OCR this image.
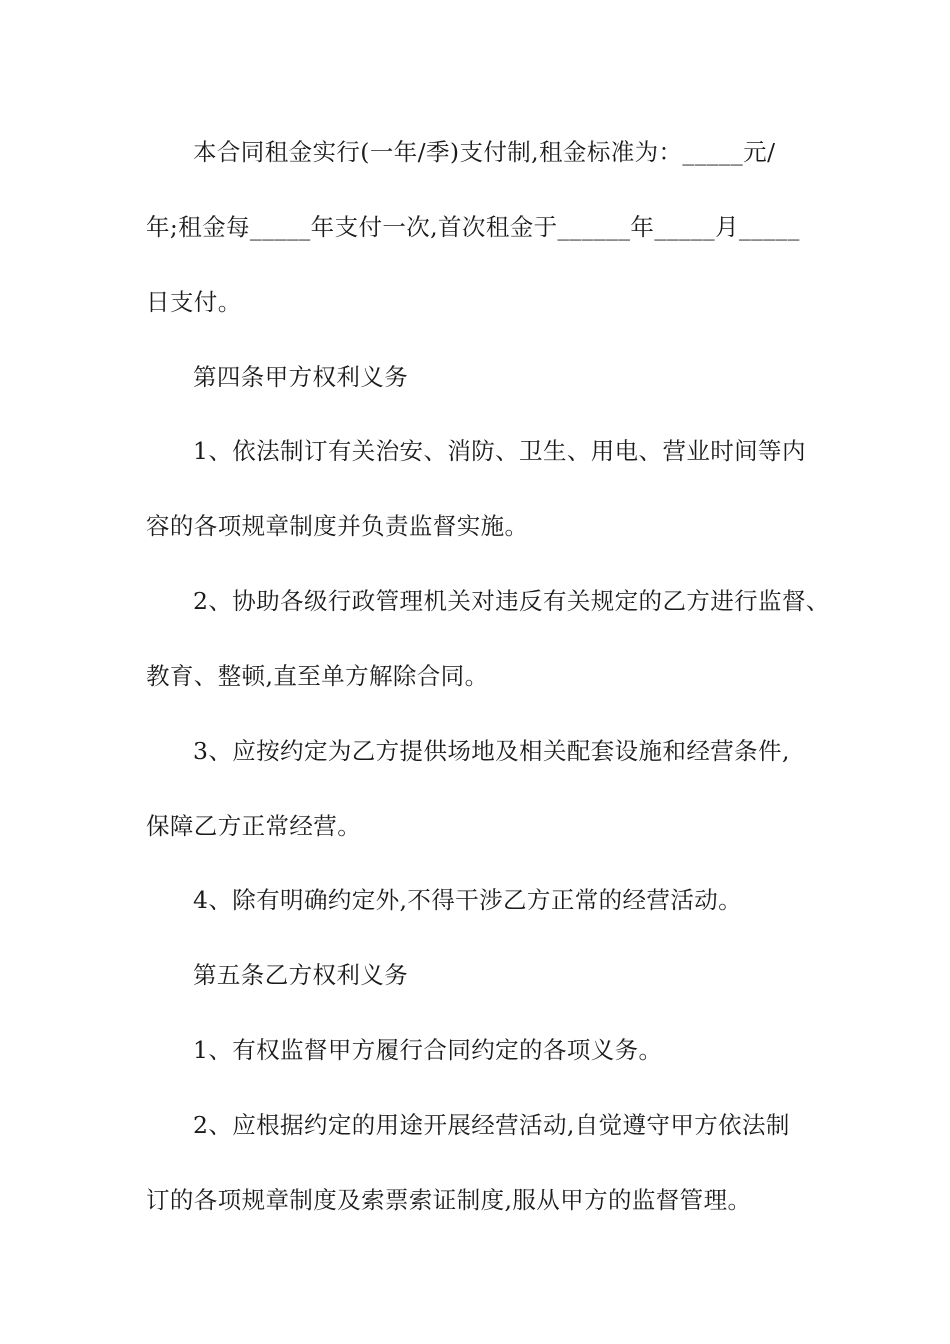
本合同租金实行(一年/季)支付制,租金标准为：_____元/
年;租金每_____年支付一次,首次租金于______年_____月_____
日支付。
第四条甲方权利义务
1、依法制订有关治安、消防、卫生、用电、营业时间等内
容的各项规章制度并负责监督实施。
2、协助各级行政管理机关对违反有关规定的乙方进行监督、
教育、整顿,直至单方解除合同。
3、应按约定为乙方提供场地及相关配套设施和经营条件,
保障乙方正常经营。
4、除有明确约定外,不得干涉乙方正常的经营活动。
第五条乙方权利义务
1、有权监督甲方履行合同约定的各项义务。
2、应根据约定的用途开展经营活动,自觉遵守甲方依法制
订的各项规章制度及索票索证制度,服从甲方的监督管理。
